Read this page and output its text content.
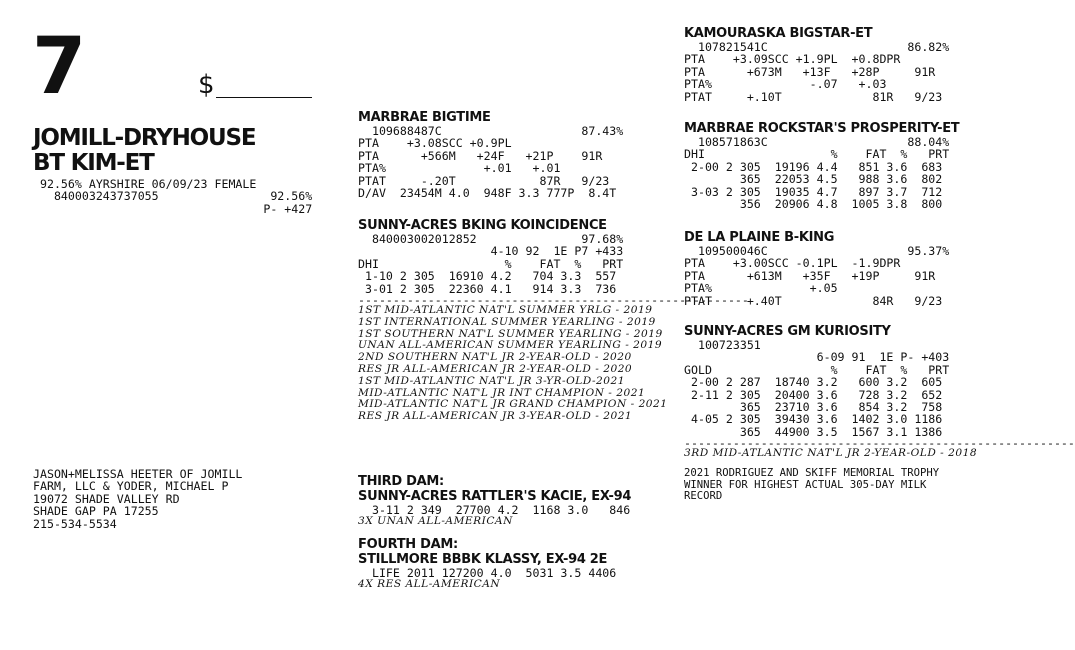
7	$
JOMILL-DRYHOUSE
BT KIM-ET
92.56% AYRSHIRE 06/09/23 FEMALE
840003243737055                92.56%
P- +427
JASON+MELISSA HEETER OF JOMILL
FARM, LLC & YODER, MICHAEL P
19072 SHADE VALLEY RD
SHADE GAP PA 17255
215-534-5534
MARBRAE BIGTIME
109688487C                    87.43%
PTA    +3.08SCC +0.9PL
PTA      +566M   +24F   +21P    91R
PTA%              +.01   +.01
PTAT     -.20T            87R   9/23
D/AV  23454M 4.0  948F 3.3 777P  8.4T
SUNNY-ACRES BKING KOINCIDENCE
840003002012852               97.68%
4-10 92  1E P7 +433
DHI                  %    FAT  %   PRT
1-10 2 305  16910 4.2   704 3.3  557
3-01 2 305  22360 4.1   914 3.3  736
--------------------------------------------------------
1ST MID-ATLANTIC NAT'L SUMMER YRLG - 2019
1ST INTERNATIONAL SUMMER YEARLING - 2019
1ST SOUTHERN NAT'L SUMMER YEARLING - 2019
UNAN ALL-AMERICAN SUMMER YEARLING - 2019
2ND SOUTHERN NAT'L JR 2-YEAR-OLD - 2020
RES JR ALL-AMERICAN JR 2-YEAR-OLD - 2020
1ST MID-ATLANTIC NAT'L JR 3-YR-OLD-2021
MID-ATLANTIC NAT'L JR INT CHAMPION - 2021
MID-ATLANTIC NAT'L JR GRAND CHAMPION - 2021
RES JR ALL-AMERICAN JR 3-YEAR-OLD - 2021
THIRD DAM:
SUNNY-ACRES RATTLER'S KACIE, EX-94
3-11 2 349  27700 4.2  1168 3.0   846
3X UNAN ALL-AMERICAN
FOURTH DAM:
STILLMORE BBBK KLASSY, EX-94 2E
LIFE 2011 127200 4.0  5031 3.5 4406
4X RES ALL-AMERICAN
KAMOURASKA BIGSTAR-ET
107821541C                    86.82%
PTA    +3.09SCC +1.9PL  +0.8DPR
PTA      +673M   +13F   +28P     91R
PTA%              -.07   +.03
PTAT     +.10T             81R   9/23
MARBRAE ROCKSTAR'S PROSPERITY-ET
108571863C                    88.04%
DHI                  %    FAT  %   PRT
2-00 2 305  19196 4.4   851 3.6  683
365  22053 4.5   988 3.6  802
3-03 2 305  19035 4.7   897 3.7  712
356  20906 4.8  1005 3.8  800
DE LA PLAINE B-KING
109500046C                    95.37%
PTA    +3.00SCC -0.1PL  -1.9DPR
PTA      +613M   +35F   +19P     91R
PTA%              +.05
PTAT     +.40T             84R   9/23
SUNNY-ACRES GM KURIOSITY
100723351
6-09 91  1E P- +403
GOLD                 %    FAT  %   PRT
2-00 2 287  18740 3.2   600 3.2  605
2-11 2 305  20400 3.6   728 3.2  652
365  23710 3.6   854 3.2  758
4-05 2 305  39430 3.6  1402 3.0 1186
365  44900 3.5  1567 3.1 1386
--------------------------------------------------------
3RD MID-ATLANTIC NAT'L JR 2-YEAR-OLD - 2018
2021 RODRIGUEZ AND SKIFF MEMORIAL TROPHY
WINNER FOR HIGHEST ACTUAL 305-DAY MILK
RECORD
